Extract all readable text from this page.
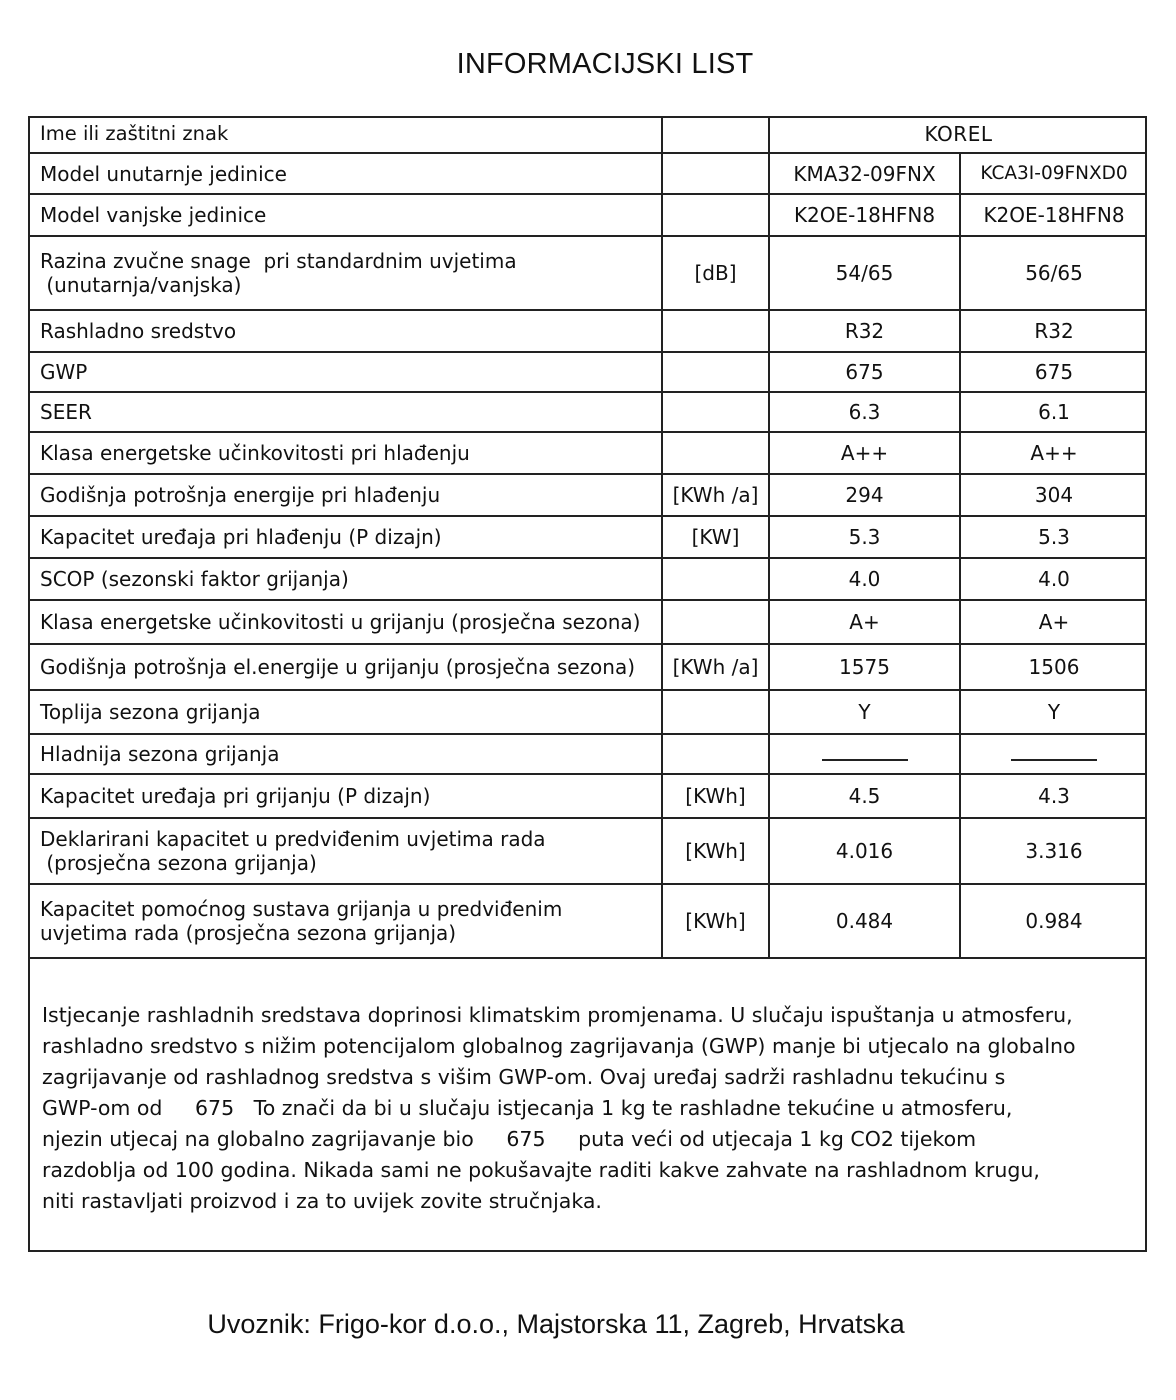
INFORMACIJSKI LIST
Ime ili zaštitni znak		KOREL	
Model unutarnje jedinice		KMA32-09FNX	KCA3I-09FNXD0
Model vanjske jedinice		K2OE-18HFN8	K2OE-18HFN8
Razina zvučne snage  pri standardnim uvjetima
(unutarnja/vanjska)	[dB]	54/65	56/65
Rashladno sredstvo		R32	R32
GWP		675	675
SEER		6.3	6.1
Klasa energetske učinkovitosti pri hlađenju		A++	A++
Godišnja potrošnja energije pri hlađenju	[KWh /a]	294	304
Kapacitet uređaja pri hlađenju (P dizajn)	[KW]	5.3	5.3
SCOP (sezonski faktor grijanja)		4.0	4.0
Klasa energetske učinkovitosti u grijanju (prosječna sezona)		A+	A+
Godišnja potrošnja el.energije u grijanju (prosječna sezona)	[KWh /a]	1575	1506
Toplija sezona grijanja		Y	Y
Hladnija sezona grijanja			
Kapacitet uređaja pri grijanju (P dizajn)	[KWh]	4.5	4.3
Deklarirani kapacitet u predviđenim uvjetima rada
(prosječna sezona grijanja)	[KWh]	4.016	3.316
Kapacitet pomoćnog sustava grijanja u predviđenim
uvjetima rada (prosječna sezona grijanja)	[KWh]	0.484	0.984

Istjecanje rashladnih sredstava doprinosi klimatskim promjenama. U slučaju ispuštanja u atmosferu,

rashladno sredstvo s nižim potencijalom globalnog zagrijavanja (GWP) manje bi utjecalo na globalno

zagrijavanje od rashladnog sredstva s višim GWP-om. Ovaj uređaj sadrži rashladnu tekućinu s

GWP-om od     675   To znači da bi u slučaju istjecanja 1 kg te rashladne tekućine u atmosferu,

njezin utjecaj na globalno zagrijavanje bio     675     puta veći od utjecaja 1 kg CO2 tijekom

razdoblja od 100 godina. Nikada sami ne pokušavajte raditi kakve zahvate na rashladnom krugu,

niti rastavljati proizvod i za to uvijek zovite stručnjaka.

Uvoznik: Frigo-kor d.o.o., Majstorska 11, Zagreb, Hrvatska
